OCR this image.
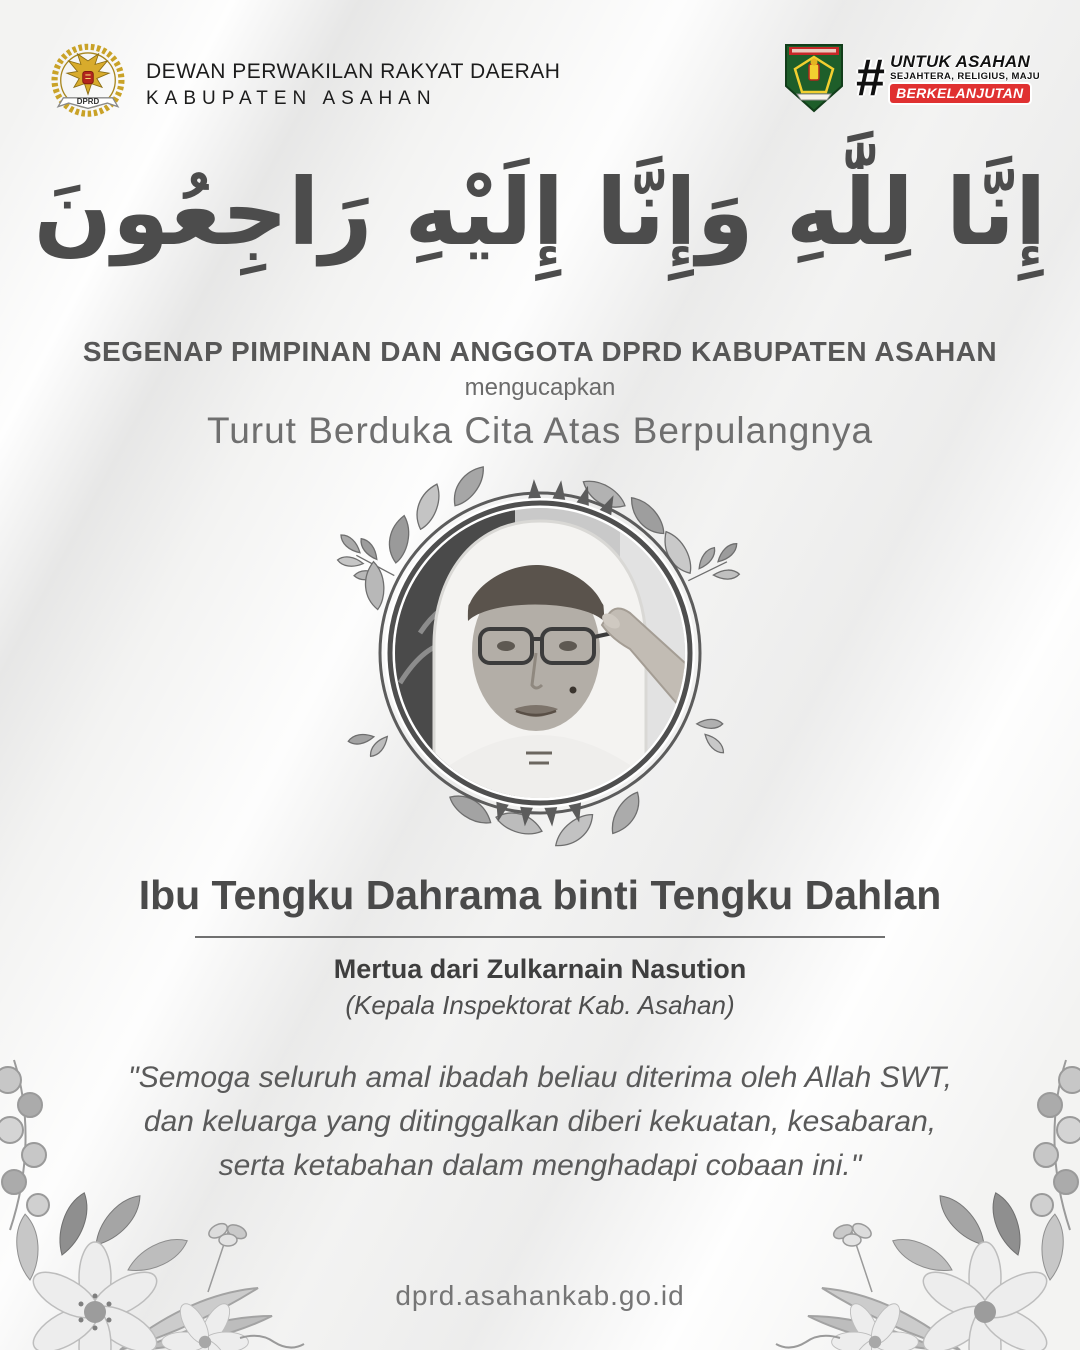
DPRD
DEWAN PERWAKILAN RAKYAT DAERAH
KABUPATEN ASAHAN	# UNTUK ASAHAN
SEJAHTERA, RELIGIUS, MAJU
BERKELANJUTAN
إِنَّا لِلَّٰهِ وَإِنَّا إِلَيْهِ رَاجِعُونَ
SEGENAP PIMPINAN DAN ANGGOTA DPRD KABUPATEN ASAHAN
mengucapkan
Turut Berduka Cita Atas Berpulangnya
Ibu Tengku Dahrama binti Tengku Dahlan
Mertua dari Zulkarnain Nasution
(Kepala Inspektorat Kab. Asahan)
"Semoga seluruh amal ibadah beliau diterima oleh Allah SWT,
dan keluarga yang ditinggalkan diberi kekuatan, kesabaran,
serta ketabahan dalam menghadapi cobaan ini."
dprd.asahankab.go.id
